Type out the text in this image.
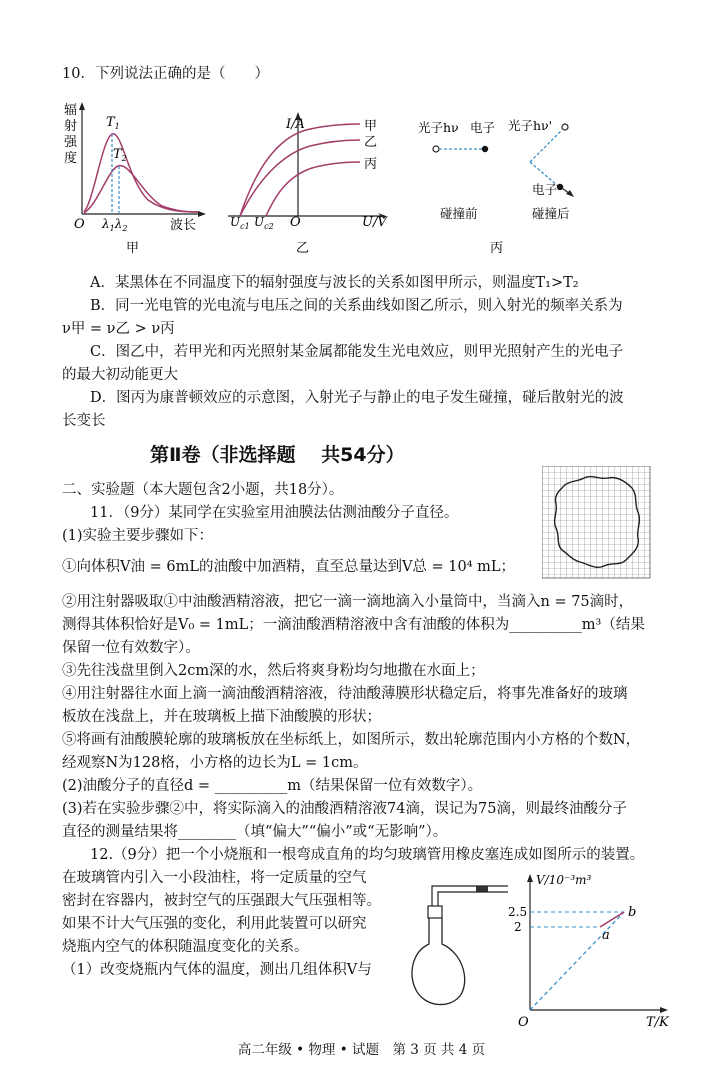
10．下列说法正确的是（　　）
辐
射
强
度
$T_1$
$T_2$
O $\lambda_1\lambda_2$	波长
甲
I/A	甲
乙
丙
$U_{c1}$ $U_{c2}$ O	U/V
乙
光子hν 电子 光子hν'
电子
碰撞前	碰撞后
丙
A．某黑体在不同温度下的辐射强度与波长的关系如图甲所示，则温度T₁>T₂
B．同一光电管的光电流与电压之间的关系曲线如图乙所示，则入射光的频率关系为
ν甲 = ν乙 > ν丙
C．图乙中，若甲光和丙光照射某金属都能发生光电效应，则甲光照射产生的光电子
的最大初动能更大
D．图丙为康普顿效应的示意图，入射光子与静止的电子发生碰撞，碰后散射光的波
长变长
第Ⅱ卷（非选择题　 共54分）
二、实验题（本大题包含2小题，共18分）。
11．（9分）某同学在实验室用油膜法估测油酸分子直径。
(1)实验主要步骤如下：
①向体积V油 = 6mL的油酸中加酒精，直至总量达到V总 = 10⁴ mL；
②用注射器吸取①中油酸酒精溶液，把它一滴一滴地滴入小量筒中，当滴入n = 75滴时，
测得其体积恰好是V₀ = 1mL；一滴油酸酒精溶液中含有油酸的体积为__________m³（结果
保留一位有效数字）。
③先往浅盘里倒入2cm深的水，然后将爽身粉均匀地撒在水面上；
④用注射器往水面上滴一滴油酸酒精溶液，待油酸薄膜形状稳定后，将事先准备好的玻璃
板放在浅盘上，并在玻璃板上描下油酸膜的形状；
⑤将画有油酸膜轮廓的玻璃板放在坐标纸上，如图所示，数出轮廓范围内小方格的个数N，
经观察N为128格，小方格的边长为L = 1cm。
(2)油酸分子的直径d = __________m（结果保留一位有效数字）。
(3)若在实验步骤②中，将实际滴入的油酸酒精溶液74滴，误记为75滴，则最终油酸分子
直径的测量结果将________（填“偏大”“偏小”或“无影响”）。
12.（9分）把一个小烧瓶和一根弯成直角的均匀玻璃管用橡皮塞连成如图所示的装置。
在玻璃管内引入一小段油柱，将一定质量的空气
密封在容器内，被封空气的压强跟大气压强相等。
如果不计大气压强的变化，利用此装置可以研究
烧瓶内空气的体积随温度变化的关系。
（1）改变烧瓶内气体的温度，测出几组体积V与
V/10⁻³m³
O	T/K
2.5
2
b
a
高二年级 • 物理 • 试题　第 3 页 共 4 页
